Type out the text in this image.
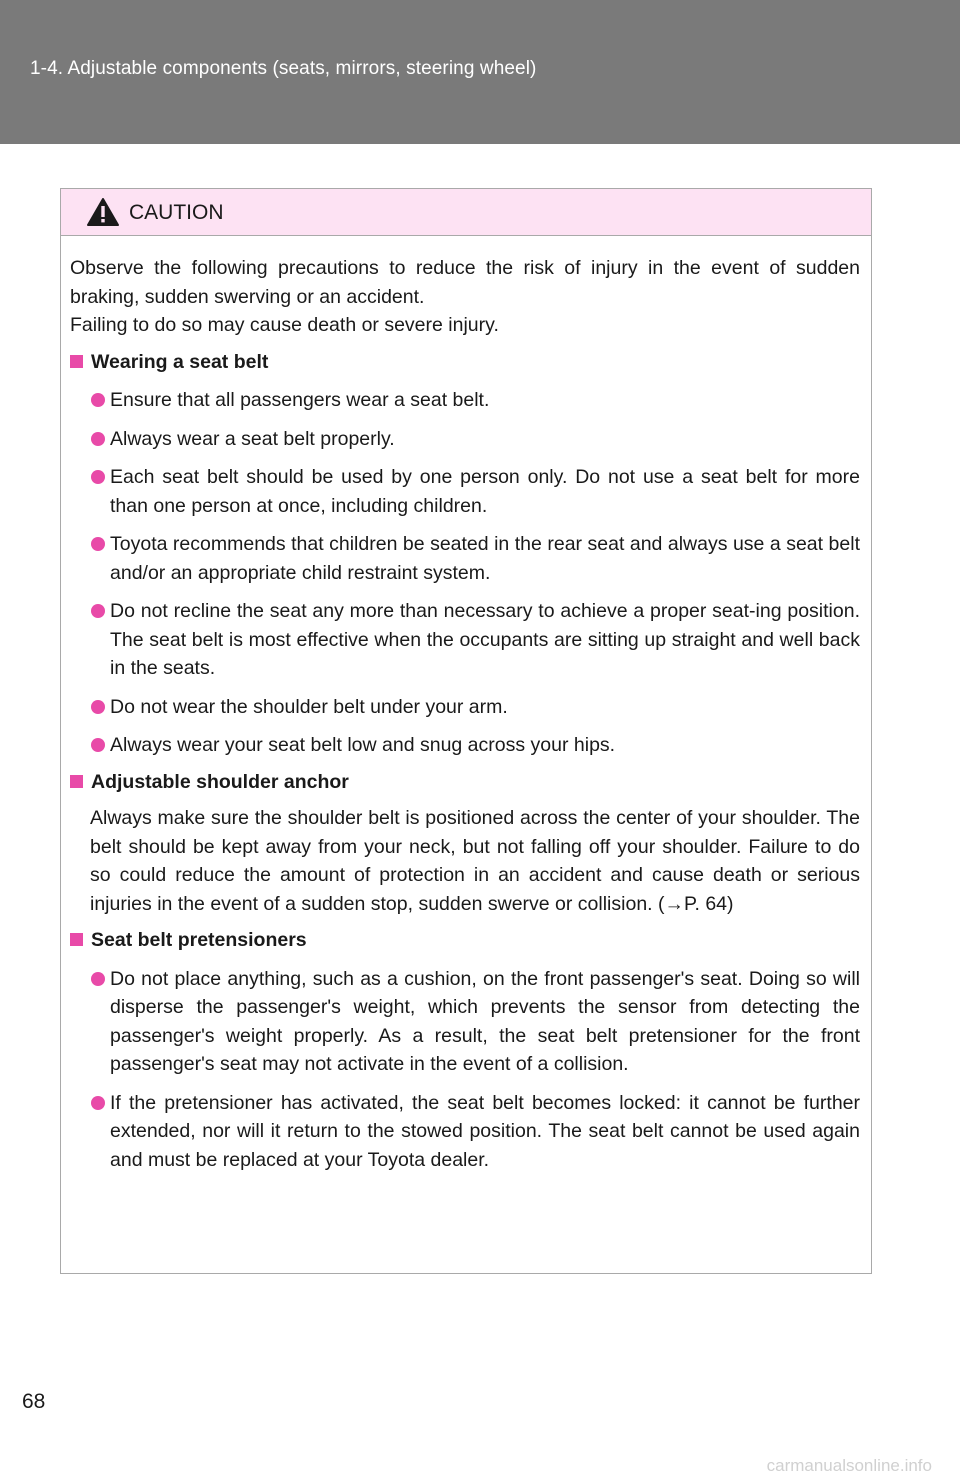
1-4. Adjustable components (seats, mirrors, steering wheel)
CAUTION

Observe the following precautions to reduce the risk of injury in the event of sudden braking, sudden swerving or an accident.
Failing to do so may cause death or severe injury.

Wearing a seat belt
Ensure that all passengers wear a seat belt.
Always wear a seat belt properly.
Each seat belt should be used by one person only. Do not use a seat belt for more than one person at once, including children.
Toyota recommends that children be seated in the rear seat and always use a seat belt and/or an appropriate child restraint system.
Do not recline the seat any more than necessary to achieve a proper seat-ing position. The seat belt is most effective when the occupants are sitting up straight and well back in the seats.
Do not wear the shoulder belt under your arm.
Always wear your seat belt low and snug across your hips.
Adjustable shoulder anchor
Always make sure the shoulder belt is positioned across the center of your shoulder. The belt should be kept away from your neck, but not falling off your shoulder. Failure to do so could reduce the amount of protection in an accident and cause death or serious injuries in the event of a sudden stop, sudden swerve or collision. (→P. 64)
Seat belt pretensioners
Do not place anything, such as a cushion, on the front passenger's seat. Doing so will disperse the passenger's weight, which prevents the sensor from detecting the passenger's weight properly. As a result, the seat belt pretensioner for the front passenger's seat may not activate in the event of a collision.
If the pretensioner has activated, the seat belt becomes locked: it cannot be further extended, nor will it return to the stowed position. The seat belt cannot be used again and must be replaced at your Toyota dealer.
68
carmanualsonline.info
